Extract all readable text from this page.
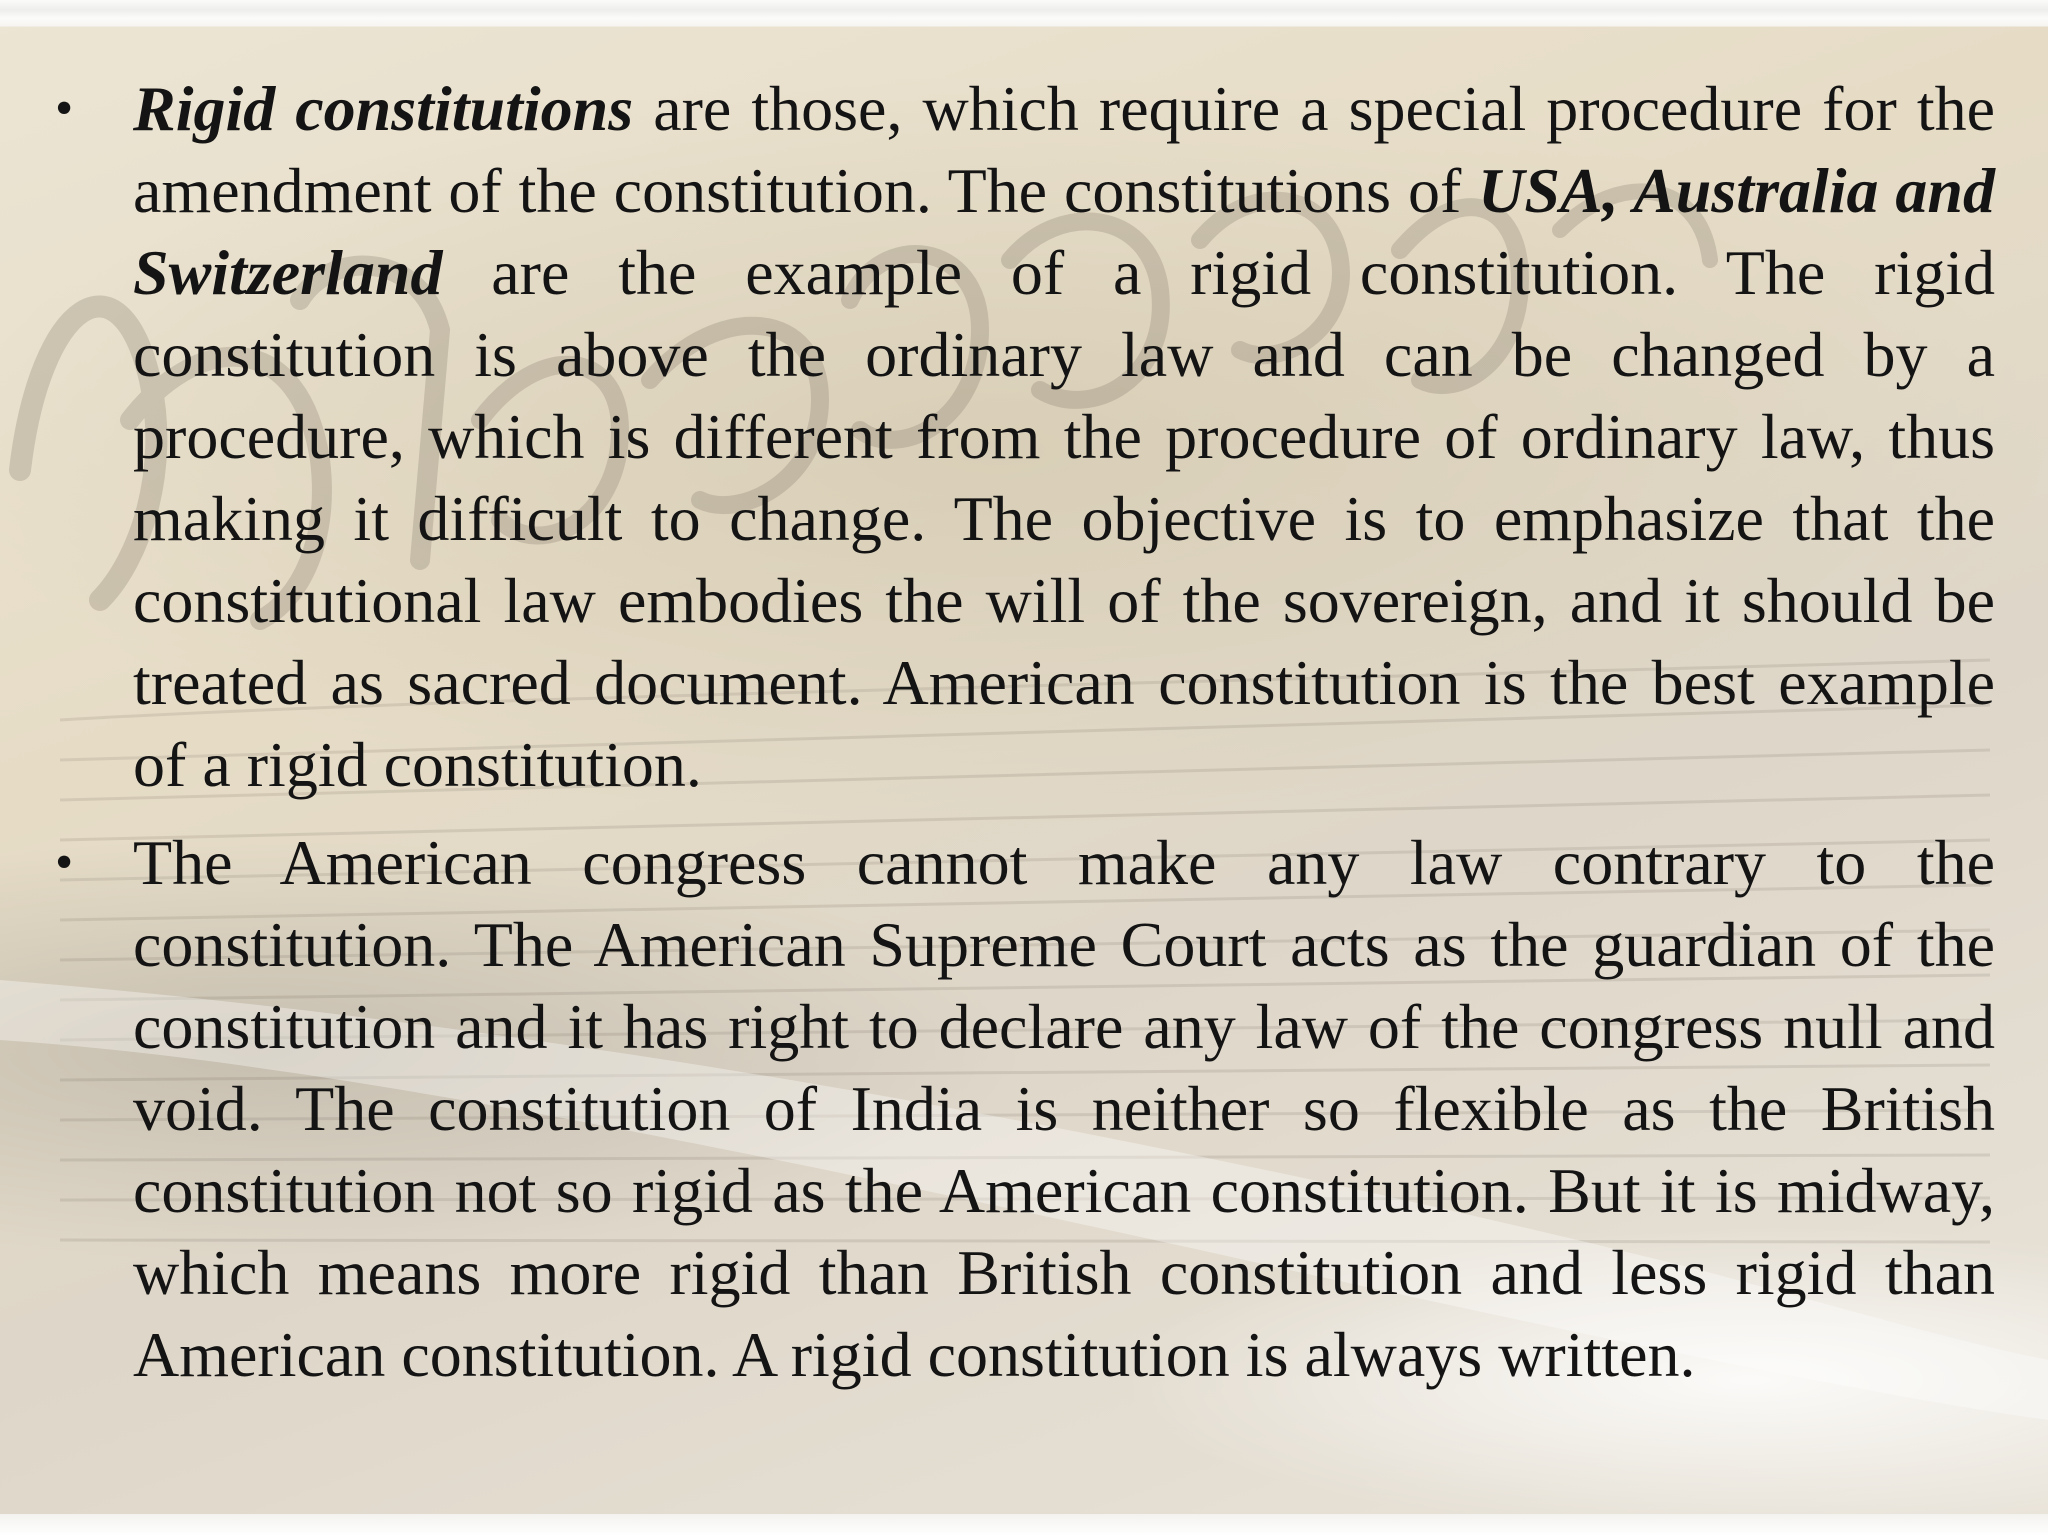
• Rigid constitutions are those, which require a special procedure for the amendment of the constitution. The constitutions of USA, Australia and Switzerland are the example of a rigid constitution. The rigid constitution is above the ordinary law and can be changed by a procedure, which is different from the procedure of ordinary law, thus making it difficult to change. The objective is to emphasize that the constitutional law embodies the will of the sovereign, and it should be treated as sacred document. American constitution is the best example of a rigid constitution.
• The American congress cannot make any law contrary to the constitution. The American Supreme Court acts as the guardian of the constitution and it has right to declare any law of the congress null and void. The constitution of India is neither so flexible as the British constitution not so rigid as the American constitution. But it is midway, which means more rigid than British constitution and less rigid than American constitution. A rigid constitution is always written.
